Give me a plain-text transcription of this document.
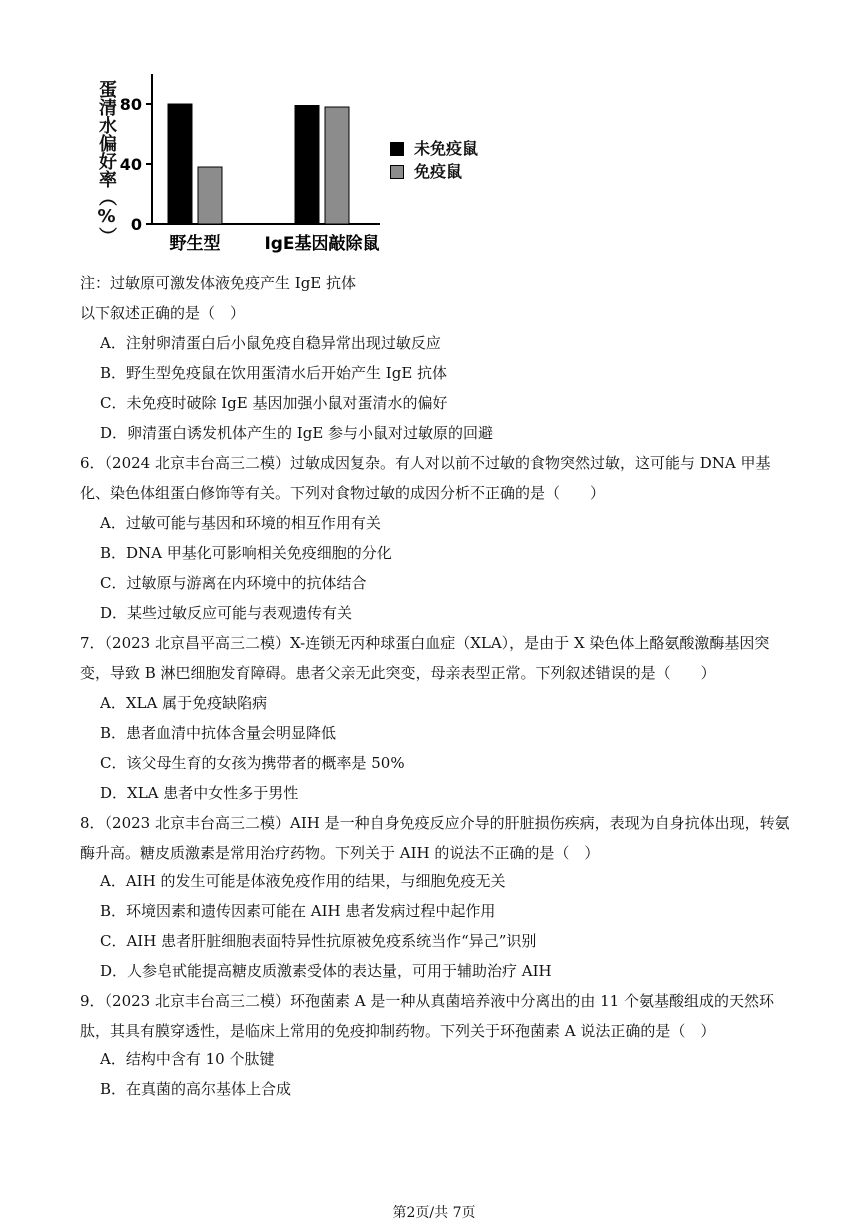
蛋清水偏好率（%） 0
40
80
野生型	IgE基因敲除鼠
未免疫鼠
免疫鼠
注：过敏原可激发体液免疫产生 IgE 抗体
以下叙述正确的是（　）
A．注射卵清蛋白后小鼠免疫自稳异常出现过敏反应
B．野生型免疫鼠在饮用蛋清水后开始产生 IgE 抗体
C．未免疫时破除 IgE 基因加强小鼠对蛋清水的偏好
D．卵清蛋白诱发机体产生的 IgE 参与小鼠对过敏原的回避
6．（2024 北京丰台高三二模）过敏成因复杂。有人对以前不过敏的食物突然过敏，这可能与 DNA 甲基化、染色体组蛋白修饰等有关。下列对食物过敏的成因分析不正确的是（　　）
A．过敏可能与基因和环境的相互作用有关
B．DNA 甲基化可影响相关免疫细胞的分化
C．过敏原与游离在内环境中的抗体结合
D．某些过敏反应可能与表观遗传有关
7．（2023 北京昌平高三二模）X-连锁无丙种球蛋白血症（XLA），是由于 X 染色体上酪氨酸激酶基因突变，导致 B 淋巴细胞发育障碍。患者父亲无此突变，母亲表型正常。下列叙述错误的是（　　）
A．XLA 属于免疫缺陷病
B．患者血清中抗体含量会明显降低
C．该父母生育的女孩为携带者的概率是 50%
D．XLA 患者中女性多于男性
8．（2023 北京丰台高三二模）AIH 是一种自身免疫反应介导的肝脏损伤疾病，表现为自身抗体出现，转氨酶升高。糖皮质激素是常用治疗药物。下列关于 AIH 的说法不正确的是（　）
A．AIH 的发生可能是体液免疫作用的结果，与细胞免疫无关
B．环境因素和遗传因素可能在 AIH 患者发病过程中起作用
C．AIH 患者肝脏细胞表面特异性抗原被免疫系统当作“异己”识别
D．人参皂甙能提高糖皮质激素受体的表达量，可用于辅助治疗 AIH
9．（2023 北京丰台高三二模）环孢菌素 A 是一种从真菌培养液中分离出的由 11 个氨基酸组成的天然环肽，其具有膜穿透性，是临床上常用的免疫抑制药物。下列关于环孢菌素 A 说法正确的是（　）
A．结构中含有 10 个肽键
B．在真菌的高尔基体上合成
第2页/共 7页
